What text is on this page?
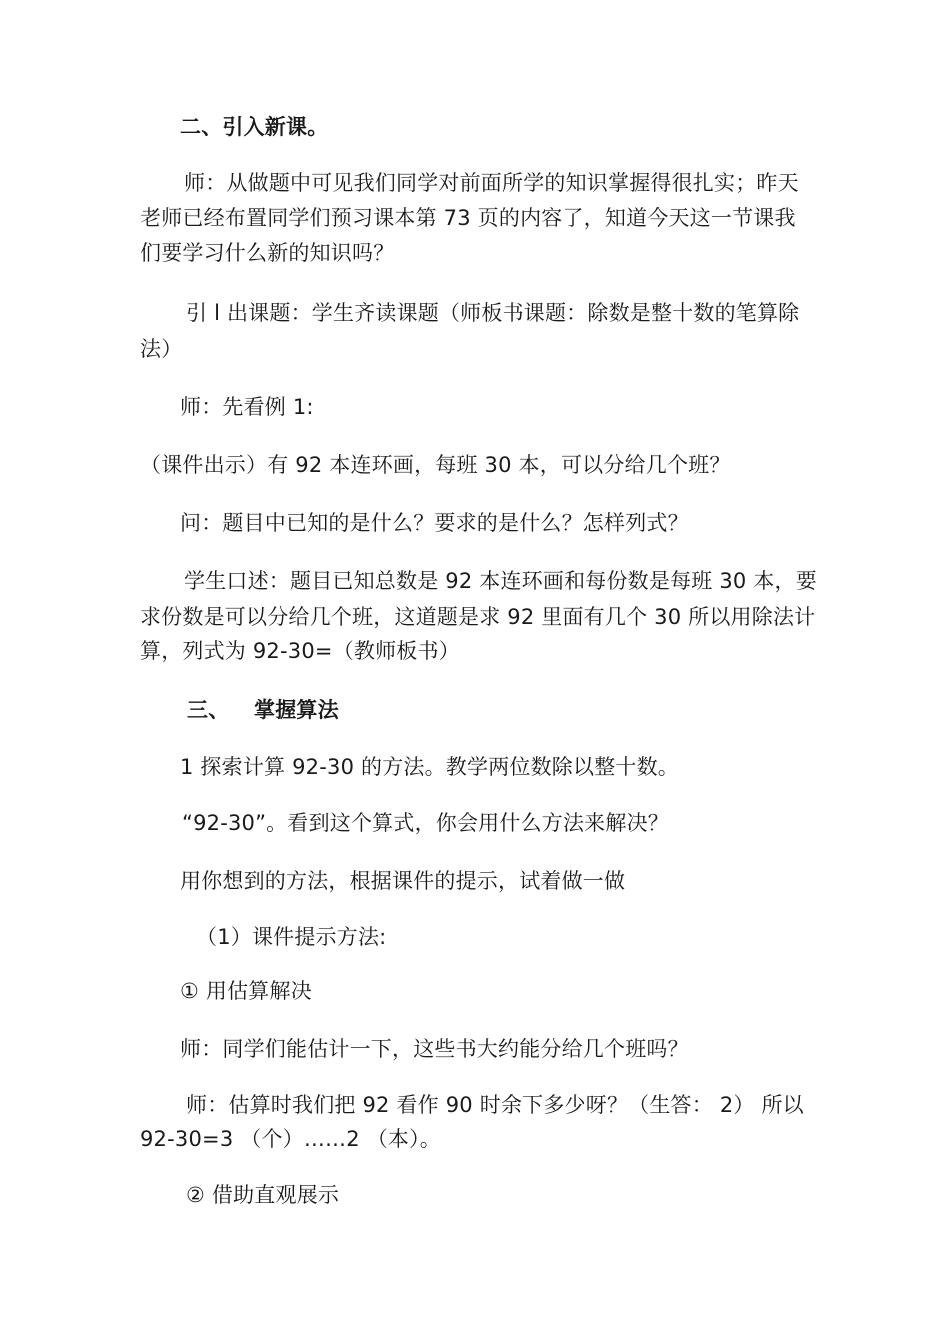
二、引入新课。
师：从做题中可见我们同学对前面所学的知识掌握得很扎实；昨天
老师已经布置同学们预习课本第 73 页的内容了，知道今天这一节课我
们要学习什么新的知识吗？
引 l 出课题：学生齐读课题（师板书课题：除数是整十数的笔算除
法）
师：先看例 1:
（课件出示）有 92 本连环画，每班 30 本，可以分给几个班？
问：题目中已知的是什么？要求的是什么？怎样列式？
学生口述：题目已知总数是 92 本连环画和每份数是每班 30 本，要
求份数是可以分给几个班，这道题是求 92 里面有几个 30 所以用除法计
算，列式为 92-30=（教师板书）
三、 掌握算法
1 探索计算 92-30 的方法。教学两位数除以整十数。
“92-30”。看到这个算式，你会用什么方法来解决？
用你想到的方法，根据课件的提示，试着做一做
（1）课件提示方法:
① 用估算解决
师：同学们能估计一下，这些书大约能分给几个班吗？
师：估算时我们把 92 看作 90 时余下多少呀？（生答： 2） 所以
92-30=3 （个）……2 （本）。
② 借助直观展示
